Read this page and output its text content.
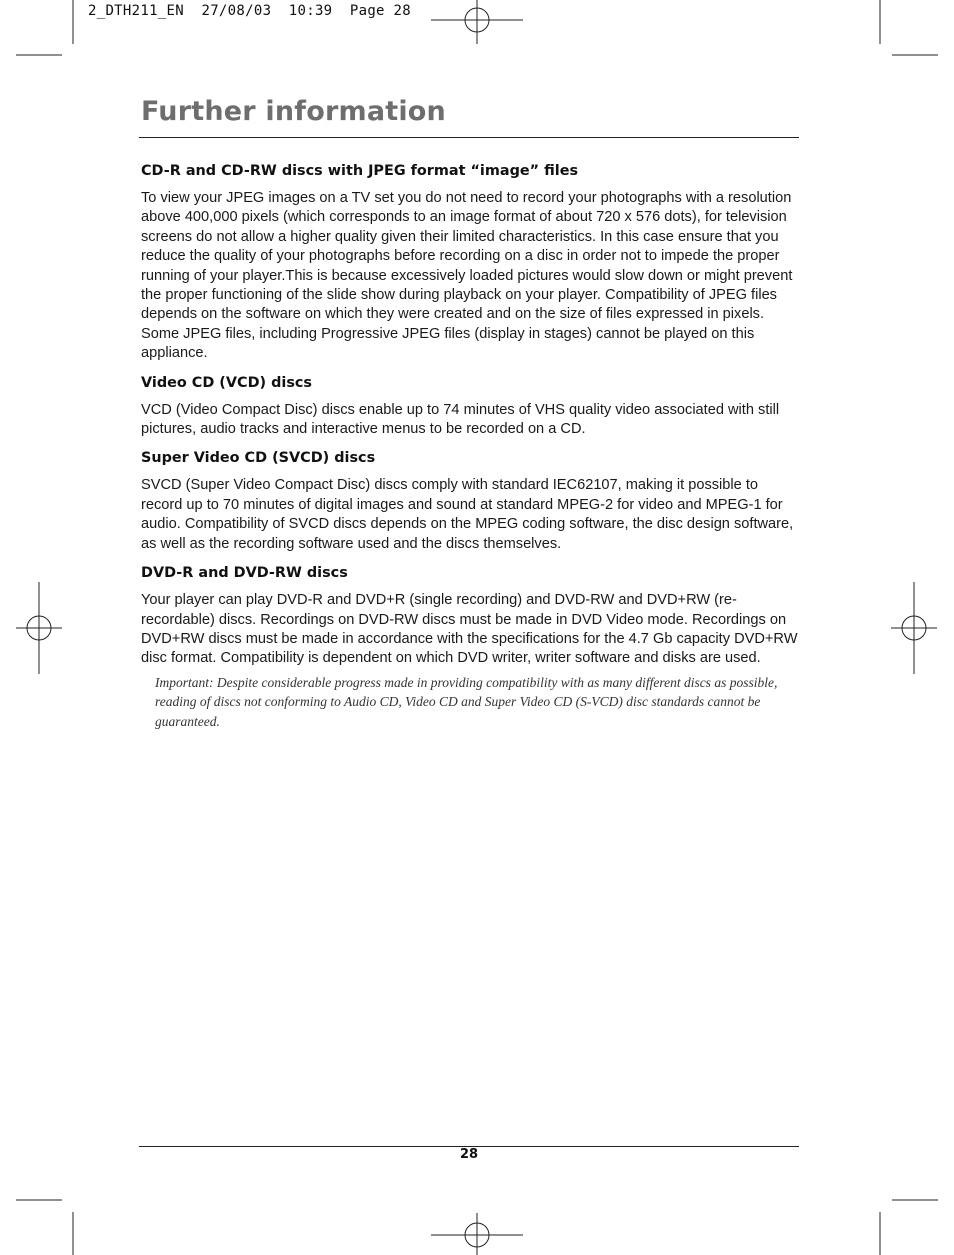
2_DTH211_EN  27/08/03  10:39  Page 28
Further information
CD-R and CD-RW discs with JPEG format “image” files

To view your JPEG images on a TV set you do not need to record your photographs with a resolution above 400,000 pixels (which corresponds to an image format of about 720 x 576 dots), for television screens do not allow a higher quality given their limited characteristics. In this case ensure that you reduce the quality of your photographs before recording on a disc in order not to impede the proper running of your player.This is because excessively loaded pictures would slow down or might prevent the proper functioning of the slide show during playback on your player. Compatibility of JPEG files depends on the software on which they were created and on the size of files expressed in pixels. Some JPEG files, including Progressive JPEG files (display in stages) cannot be played on this appliance.

Video CD (VCD) discs

VCD (Video Compact Disc) discs enable up to 74 minutes of VHS quality video associated with still pictures, audio tracks and interactive menus to be recorded on a CD.

Super Video CD (SVCD) discs

SVCD (Super Video Compact Disc) discs comply with standard IEC62107, making it possible to record up to 70 minutes of digital images and sound at standard MPEG-2 for video and MPEG-1 for audio. Compatibility of SVCD discs depends on the MPEG coding software, the disc design software, as well as the recording software used and the discs themselves.

DVD-R and DVD-RW discs

Your player can play DVD-R and DVD+R (single recording) and DVD-RW and DVD+RW (re-recordable) discs. Recordings on DVD-RW discs must be made in DVD Video mode. Recordings on DVD+RW discs must be made in accordance with the specifications for the 4.7 Gb capacity DVD+RW disc format. Compatibility is dependent on which DVD writer, writer software and disks are used.

Important: Despite considerable progress made in providing compatibility with as many different discs as possible, reading of discs not conforming to Audio CD, Video CD and Super Video CD (S-VCD) disc standards cannot be guaranteed.

28
